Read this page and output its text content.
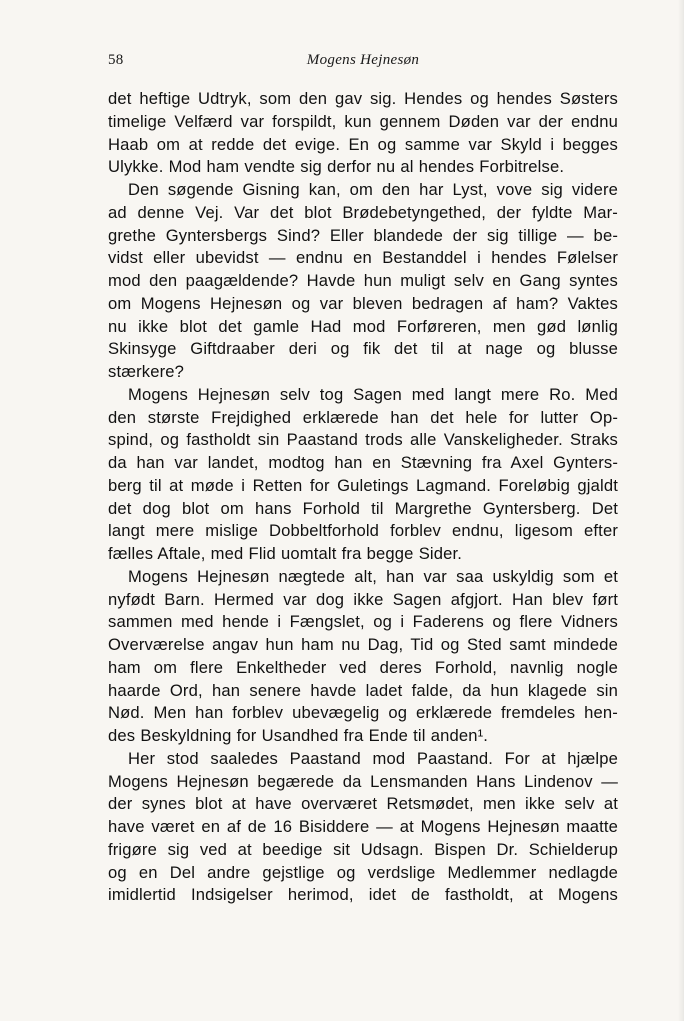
58	Mogens Hejnesøn
det heftige Udtryk, som den gav sig. Hendes og hendes Søsters
timelige Velfærd var forspildt, kun gennem Døden var der endnu
Haab om at redde det evige. En og samme var Skyld i begges
Ulykke. Mod ham vendte sig derfor nu al hendes Forbitrelse.
Den søgende Gisning kan, om den har Lyst, vove sig videre
ad denne Vej. Var det blot Brødebetyngethed, der fyldte Mar-
grethe Gyntersbergs Sind? Eller blandede der sig tillige — be-
vidst eller ubevidst — endnu en Bestanddel i hendes Følelser
mod den paagældende? Havde hun muligt selv en Gang syntes
om Mogens Hejnesøn og var bleven bedragen af ham? Vaktes
nu ikke blot det gamle Had mod Forføreren, men gød lønlig
Skinsyge Giftdraaber deri og fik det til at nage og blusse
stærkere?
Mogens Hejnesøn selv tog Sagen med langt mere Ro. Med
den største Frejdighed erklærede han det hele for lutter Op-
spind, og fastholdt sin Paastand trods alle Vanskeligheder. Straks
da han var landet, modtog han en Stævning fra Axel Gynters-
berg til at møde i Retten for Guletings Lagmand. Foreløbig gjaldt
det dog blot om hans Forhold til Margrethe Gyntersberg. Det
langt mere mislige Dobbeltforhold forblev endnu, ligesom efter
fælles Aftale, med Flid uomtalt fra begge Sider.
Mogens Hejnesøn nægtede alt, han var saa uskyldig som et
nyfødt Barn. Hermed var dog ikke Sagen afgjort. Han blev ført
sammen med hende i Fængslet, og i Faderens og flere Vidners
Overværelse angav hun ham nu Dag, Tid og Sted samt mindede
ham om flere Enkeltheder ved deres Forhold, navnlig nogle
haarde Ord, han senere havde ladet falde, da hun klagede sin
Nød. Men han forblev ubevægelig og erklærede fremdeles hen-
des Beskyldning for Usandhed fra Ende til anden¹.
Her stod saaledes Paastand mod Paastand. For at hjælpe
Mogens Hejnesøn begærede da Lensmanden Hans Lindenov —
der synes blot at have overværet Retsmødet, men ikke selv at
have været en af de 16 Bisiddere — at Mogens Hejnesøn maatte
frigøre sig ved at beedige sit Udsagn. Bispen Dr. Schielderup
og en Del andre gejstlige og verdslige Medlemmer nedlagde
imidlertid Indsigelser herimod, idet de fastholdt, at Mogens
